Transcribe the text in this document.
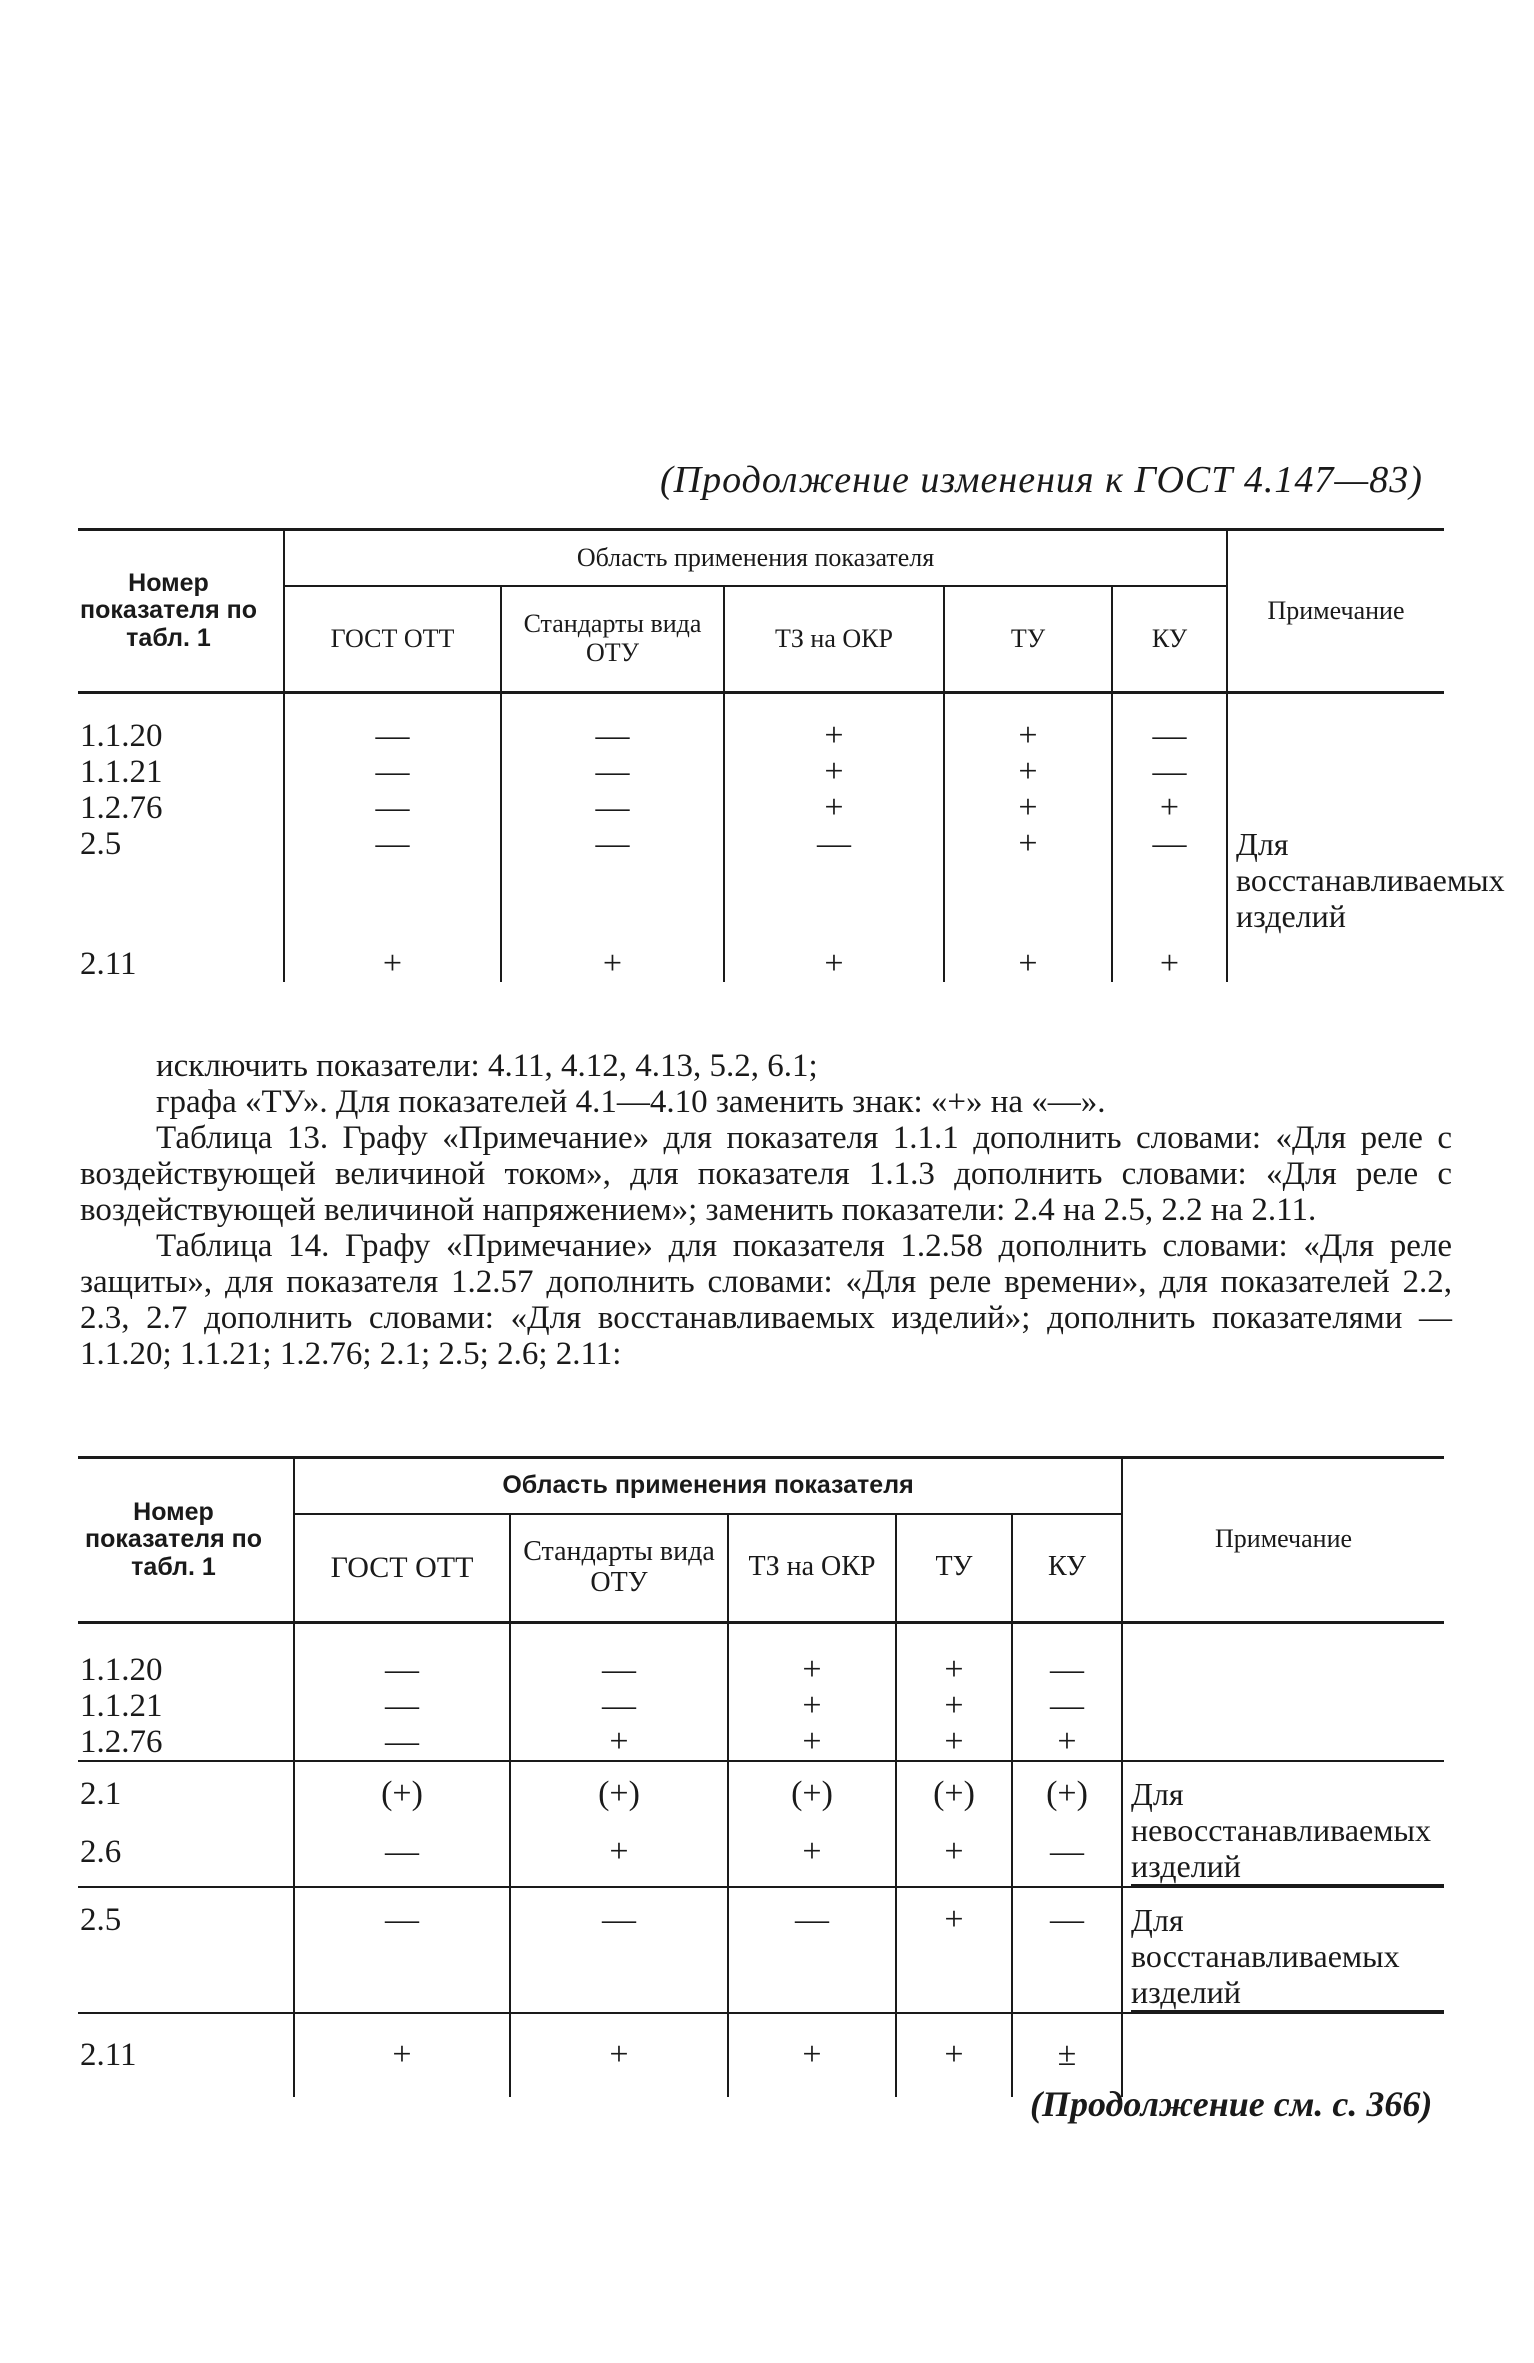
(Продолжение изменения к ГОСТ 4.147—83)
Номер показателя по табл. 1	Область применения показателя					Примечание
	ГОСТ ОТТ	Стандарты вида ОТУ	ТЗ на ОКР	ТУ	КУ	
1.1.20	—	—	+	+	—	
1.1.21	—	—	+	+	—	
1.2.76	—	—	+	+	+	
2.5	—	—	—	+	—	Для восстанавливаемых изделий
2.11	+	+	+	+	+	

исключить показатели: 4.11, 4.12, 4.13, 5.2, 6.1;

графа «ТУ». Для показателей 4.1—4.10 заменить знак: «+» на «—».

Таблица 13. Графу «Примечание» для показателя 1.1.1 дополнить словами: «Для реле с воздействующей величиной током», для показателя 1.1.3 дополнить словами: «Для реле с воздействующей величиной напряжением»; заменить показатели: 2.4 на 2.5, 2.2 на 2.11.

Таблица 14. Графу «Примечание» для показателя 1.2.58 дополнить словами: «Для реле защиты», для показателя 1.2.57 дополнить словами: «Для реле времени», для показателей 2.2, 2.3, 2.7 дополнить словами: «Для восстанавливаемых изделий»; дополнить показателями — 1.1.20; 1.1.21; 1.2.76; 2.1; 2.5; 2.6; 2.11:

Номер показателя по табл. 1	Область применения показателя					Примечание
	ГОСТ ОТТ	Стандарты вида ОТУ	ТЗ на ОКР	ТУ	КУ	
1.1.20	—	—	+	+	—	
1.1.21	—	—	+	+	—	
1.2.76	—	+	+	+	+	
2.1	(+)	(+)	(+)	(+)	(+)	Для невосстанавливаемых изделий
2.6	—	+	+	+	—	
2.5	—	—	—	+	—	Для восстанавливаемых изделий
2.11	+	+	+	+	±	
(Продолжение см. с. 366)
